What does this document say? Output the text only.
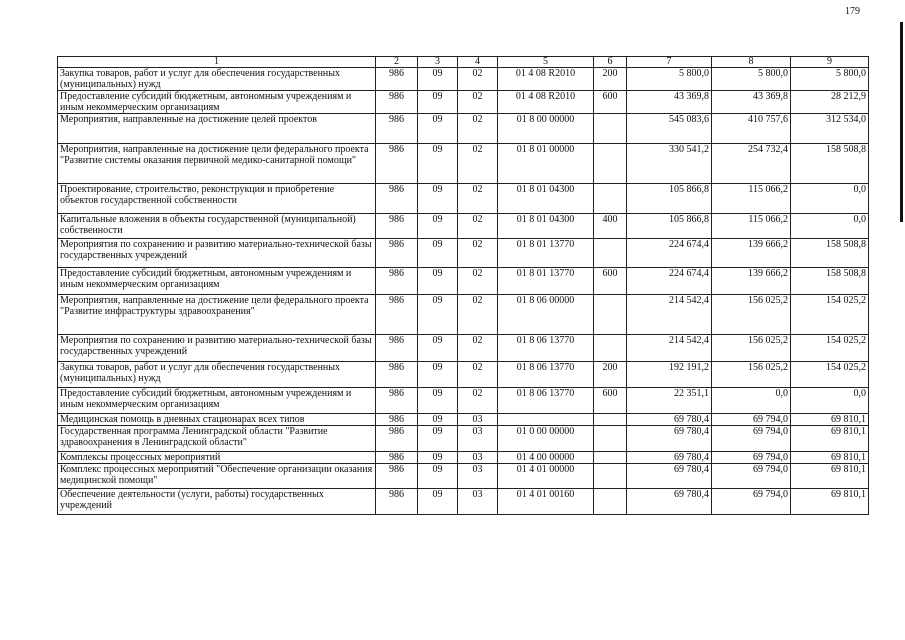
179
1	2	3	4	5	6	7	8	9
Закупка товаров, работ и услуг для обеспечения государственных (муниципальных) нужд	986	09	02	01 4 08 R2010	200	5 800,0	5 800,0	5 800,0
Предоставление субсидий бюджетным, автономным учреждениям и иным некоммерческим организациям	986	09	02	01 4 08 R2010	600	43 369,8	43 369,8	28 212,9
Мероприятия, направленные на достижение целей проектов	986	09	02	01 8 00 00000		545 083,6	410 757,6	312 534,0
Мероприятия, направленные на достижение цели федерального проекта "Развитие системы оказания первичной медико-санитарной помощи"	986	09	02	01 8 01 00000		330 541,2	254 732,4	158 508,8
Проектирование, строительство, реконструкция и приобретение объектов государственной собственности	986	09	02	01 8 01 04300		105 866,8	115 066,2	0,0
Капитальные вложения в объекты государственной (муниципальной) собственности	986	09	02	01 8 01 04300	400	105 866,8	115 066,2	0,0
Мероприятия по сохранению и развитию материально-технической базы государственных учреждений	986	09	02	01 8 01 13770		224 674,4	139 666,2	158 508,8
Предоставление субсидий бюджетным, автономным учреждениям и иным некоммерческим организациям	986	09	02	01 8 01 13770	600	224 674,4	139 666,2	158 508,8
Мероприятия, направленные на достижение цели федерального проекта "Развитие инфраструктуры здравоохранения"	986	09	02	01 8 06 00000		214 542,4	156 025,2	154 025,2
Мероприятия по сохранению и развитию материально-технической базы государственных учреждений	986	09	02	01 8 06 13770		214 542,4	156 025,2	154 025,2
Закупка товаров, работ и услуг для обеспечения государственных (муниципальных) нужд	986	09	02	01 8 06 13770	200	192 191,2	156 025,2	154 025,2
Предоставление субсидий бюджетным, автономным учреждениям и иным некоммерческим организациям	986	09	02	01 8 06 13770	600	22 351,1	0,0	0,0
Медицинская помощь в дневных стационарах всех типов	986	09	03			69 780,4	69 794,0	69 810,1
Государственная программа Ленинградской области "Развитие здравоохранения в Ленинградской области"	986	09	03	01 0 00 00000		69 780,4	69 794,0	69 810,1
Комплексы процессных мероприятий	986	09	03	01 4 00 00000		69 780,4	69 794,0	69 810,1
Комплекс процессных мероприятий "Обеспечение организации оказания медицинской помощи"	986	09	03	01 4 01 00000		69 780,4	69 794,0	69 810,1
Обеспечение деятельности (услуги, работы) государственных учреждений	986	09	03	01 4 01 00160		69 780,4	69 794,0	69 810,1
